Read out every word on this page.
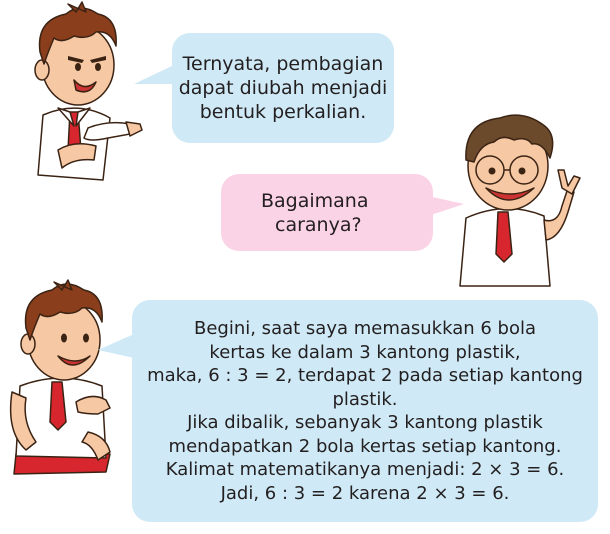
Ternyata, pembagian
dapat diubah menjadi
bentuk perkalian.
Bagaimana
caranya?
Begini, saat saya memasukkan 6 bola
kertas ke dalam 3 kantong plastik,
maka, 6 : 3 = 2, terdapat 2 pada setiap kantong
plastik.
Jika dibalik, sebanyak 3 kantong plastik
mendapatkan 2 bola kertas setiap kantong.
Kalimat matematikanya menjadi: 2 × 3 = 6.
Jadi, 6 : 3 = 2 karena 2 × 3 = 6.
